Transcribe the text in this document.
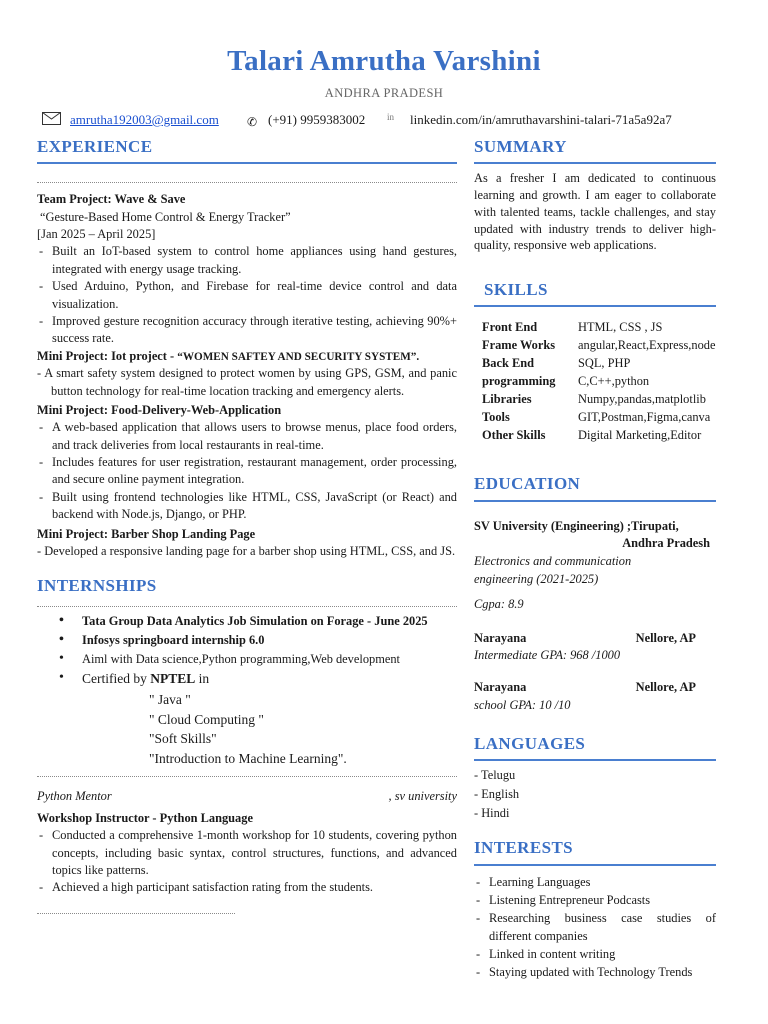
Talari Amrutha Varshini
ANDHRA PRADESH
amrutha192003@gmail.com ✆ (+91) 9959383002 in linkedin.com/in/amruthavarshini-talari-71a5a92a7
EXPERIENCE
Team Project: Wave & Save
“Gesture-Based Home Control & Energy Tracker”
[Jan 2025 – April 2025]
- Built an IoT-based system to control home appliances using hand gestures, integrated with energy usage tracking.
- Used Arduino, Python, and Firebase for real-time device control and data visualization.
- Improved gesture recognition accuracy through iterative testing, achieving 90%+ success rate.
Mini Project: Iot project - “WOMEN SAFTEY AND SECURITY SYSTEM”.
- A smart safety system designed to protect women by using GPS, GSM, and panic button technology for real-time location tracking and emergency alerts.
Mini Project: Food-Delivery-Web-Application
- A web-based application that allows users to browse menus, place food orders, and track deliveries from local restaurants in real-time.
- Includes features for user registration, restaurant management, order processing, and secure online payment integration.
- Built using frontend technologies like HTML, CSS, JavaScript (or React) and backend with Node.js, Django, or PHP.
Mini Project: Barber Shop Landing Page
- Developed a responsive landing page for a barber shop using HTML, CSS, and JS.
INTERNSHIPS
• Tata Group Data Analytics Job Simulation on Forage - June 2025
• Infosys springboard internship 6.0
• Aiml with Data science,Python programming,Web development
• Certified by NPTEL in
" Java "
" Cloud Computing "
"Soft Skills"
"Introduction to Machine Learning".
Python Mentor	, sv university
Workshop Instructor - Python Language
- Conducted a comprehensive 1-month workshop for 10 students, covering python concepts, including basic syntax, control structures, functions, and advanced topics like patterns.
- Achieved a high participant satisfaction rating from the students.
SUMMARY

As a fresher I am dedicated to continuous learning and growth. I am eager to collaborate with talented teams, tackle challenges, and stay updated with industry trends to deliver high-quality, responsive web applications.

SKILLS
Front End	HTML, CSS , JS
Frame Works	angular,React,Express,node
Back End	SQL, PHP
programming	C,C++,python
Libraries	Numpy,pandas,matplotlib
Tools	GIT,Postman,Figma,canva
Other Skills	Digital Marketing,Editor
EDUCATION
SV University (Engineering) ;Tirupati,
Andhra Pradesh
Electronics and communication engineering (2021-2025)
Cgpa: 8.9
Narayana	Nellore, AP
Intermediate GPA: 968 /1000
Narayana	Nellore, AP
school GPA: 10 /10
LANGUAGES
- Telugu
- English
- Hindi
INTERESTS
- Learning Languages
- Listening Entrepreneur Podcasts
- Researching business case studies of different companies
- Linked in content writing
- Staying updated with Technology Trends
